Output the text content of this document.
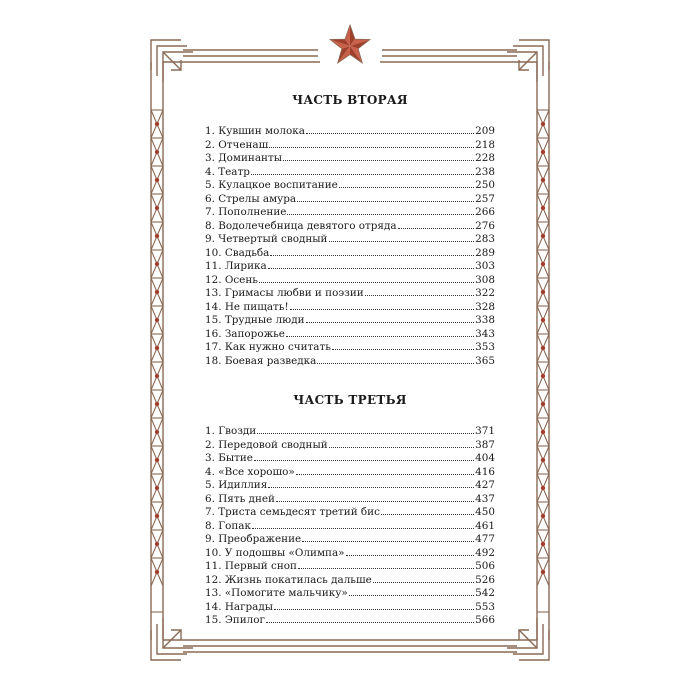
ЧАСТЬ ВТОРАЯ
1. Кувшин молока	209
2. Отченаш	218
3. Доминанты	228
4. Театр	238
5. Кулацкое воспитание	250
6. Стрелы амура	257
7. Пополнение	266
8. Водолечебница девятого отряда	276
9. Четвертый сводный	283
10. Свадьба	289
11. Лирика	303
12. Осень	308
13. Гримасы любви и поэзии	322
14. Не пищать!	328
15. Трудные люди	338
16. Запорожье	343
17. Как нужно считать	353
18. Боевая разведка	365
ЧАСТЬ ТРЕТЬЯ
1. Гвозди	371
2. Передовой сводный	387
3. Бытие	404
4. «Все хорошо»	416
5. Идиллия	427
6. Пять дней	437
7. Триста семьдесят третий бис	450
8. Гопак	461
9. Преображение	477
10. У подошвы «Олимпа»	492
11. Первый сноп	506
12. Жизнь покатилась дальше	526
13. «Помогите мальчику»	542
14. Награды	553
15. Эпилог	566
